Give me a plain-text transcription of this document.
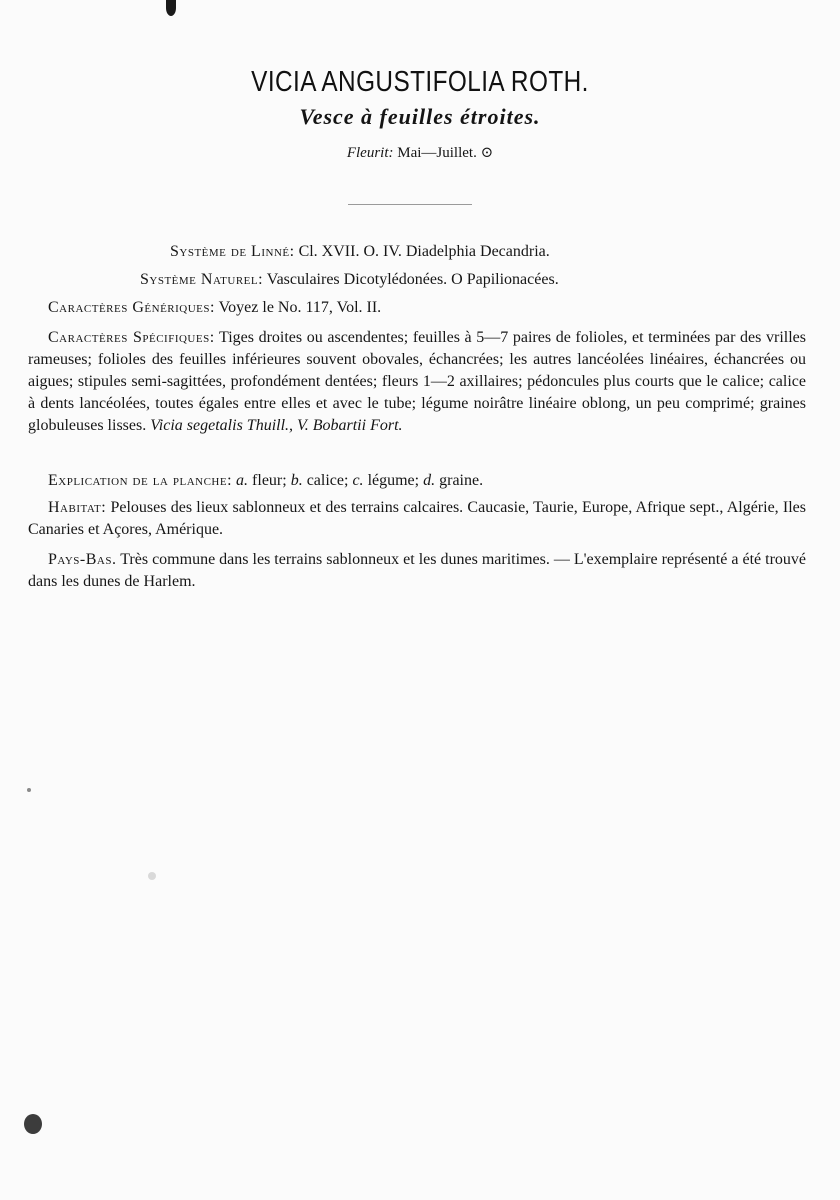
VICIA ANGUSTIFOLIA ROTH.
Vesce à feuilles étroites.
Fleurit: Mai—Juillet. ⊙
Système de Linné: Cl. XVII. O. IV. Diadelphia Decandria.
Système Naturel: Vasculaires Dicotylédonées. O Papilionacées.
Caractères Génériques: Voyez le No. 117, Vol. II.
Caractères Spécifiques: Tiges droites ou ascendentes; feuilles à 5—7 paires de folioles, et terminées par des vrilles rameuses; folioles des feuilles inférieures souvent obovales, échancrées; les autres lancéolées linéaires, échancrées ou aigues; stipules semi-sagittées, profondément dentées; fleurs 1—2 axillaires; pédoncules plus courts que le calice; calice à dents lancéolées, toutes égales entre elles et avec le tube; légume noirâtre linéaire oblong, un peu comprimé; graines globuleuses lisses. Vicia segetalis Thuill., V. Bobartii Fort.
Explication de la planche: a. fleur; b. calice; c. légume; d. graine.
Habitat: Pelouses des lieux sablonneux et des terrains calcaires. Caucasie, Taurie, Europe, Afrique sept., Algérie, Iles Canaries et Açores, Amérique.
Pays-Bas. Très commune dans les terrains sablonneux et les dunes maritimes. — L'exemplaire représenté a été trouvé dans les dunes de Harlem.
